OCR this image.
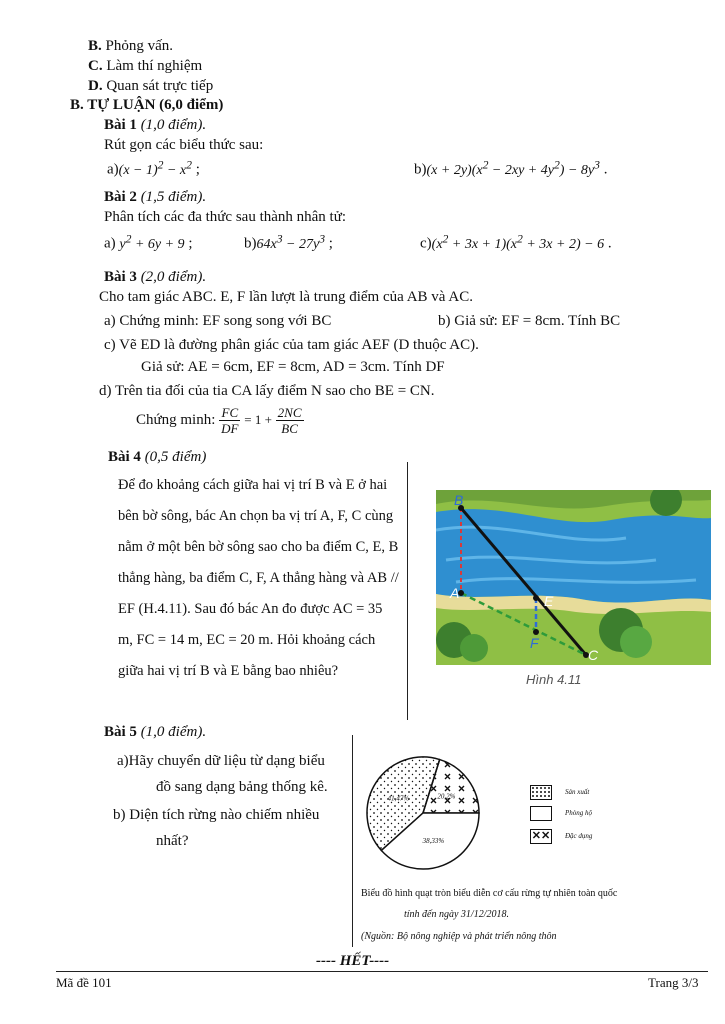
B. Phỏng vấn.
C. Làm thí nghiệm
D. Quan sát trực tiếp
B. TỰ LUẬN (6,0 điểm)
Bài 1 (1,0 điểm).
Rút gọn các biểu thức sau:
$a)(x - 1)^2 - x^2$ ;	$b)(x + 2y)(x^2 - 2xy + 4y^2) - 8y^3$ .
Bài 2 (1,5 điểm).
Phân tích các đa thức sau thành nhân tử:
a) $y^2 + 6y + 9$ ;	$b)64x^3 - 27y^3$ ;	$c)(x^2 + 3x + 1)(x^2 + 3x + 2) - 6$ .
Bài 3 (2,0 điểm).
Cho tam giác ABC. E, F lần lượt là trung điểm của AB và AC.
a) Chứng minh: EF song song với BC	b) Giả sử: EF = 8cm. Tính BC
c) Vẽ ED là đường phân giác của tam giác AEF (D thuộc AC).
Giả sử: AE = 6cm, EF = 8cm, AD = 3cm. Tính DF
d) Trên tia đối của tia CA lấy điểm N sao cho BE = CN.
Chứng minh: $\frac{FC}{DF} = 1 + \frac{2NC}{BC}$
Bài 4 (0,5 điểm)
Để đo khoảng cách giữa hai vị trí B và E ở hai bên bờ sông, bác An chọn ba vị trí A, F, C cùng nằm ở một bên bờ sông sao cho ba điểm C, E, B thẳng hàng, ba điểm C, F, A thẳng hàng và AB // EF (H.4.11). Sau đó bác An đo được AC = 35 m, FC = 14 m, EC = 20 m. Hỏi khoảng cách giữa hai vị trí B và E bằng bao nhiêu?
B
A	E
F
C
Hình 4.11
Bài 5 (1,0 điểm).
a)Hãy chuyển dữ liệu từ dạng biểu
đồ sang dạng bảng thống kê.
b) Diện tích rừng nào chiếm nhiều
nhất?
41,47%	20,2%
38,33%
Sản xuất
Phòng hộ
✕✕ Đặc dụng
Biểu đồ hình quạt tròn biểu diễn cơ cấu rừng tự nhiên toàn quốc
tính đến ngày 31/12/2018.
(Nguồn: Bộ nông nghiệp và phát triển nông thôn
---- HẾT----
Mã đề 101	Trang 3/3
